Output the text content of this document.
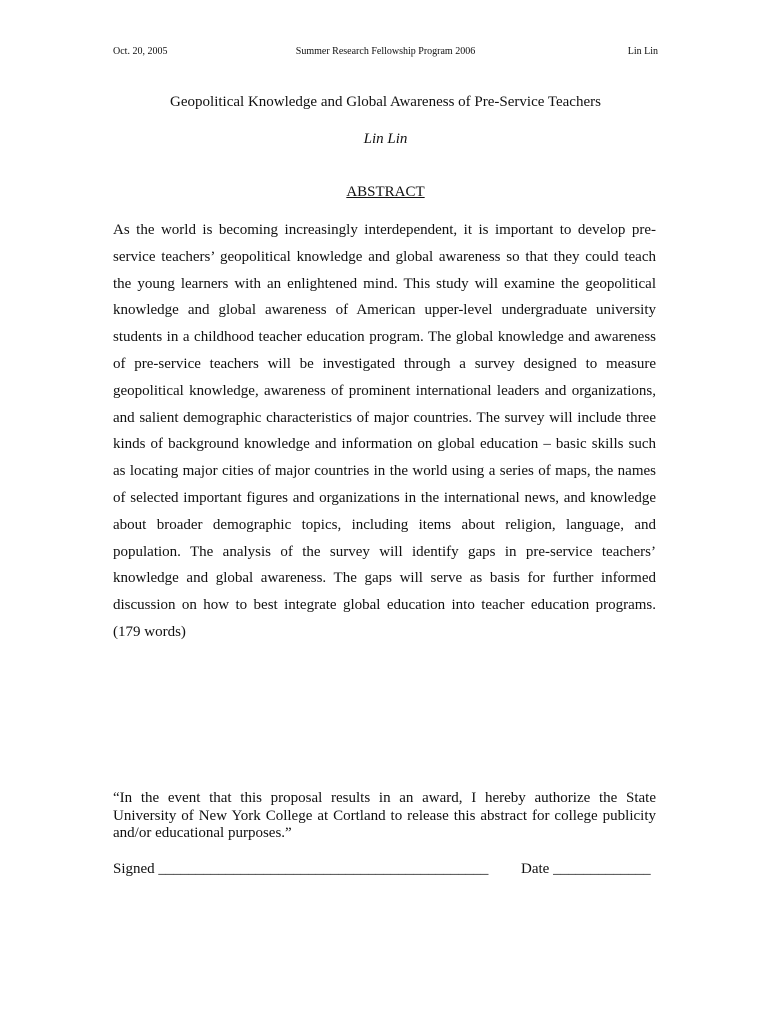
Oct. 20, 2005	Summer Research Fellowship Program 2006	Lin Lin
Geopolitical Knowledge and Global Awareness of Pre-Service Teachers
Lin Lin
ABSTRACT
As the world is becoming increasingly interdependent, it is important to develop pre-
service teachers’ geopolitical knowledge and global awareness so that they could teach
the young learners with an enlightened mind. This study will examine the geopolitical
knowledge and global awareness of American upper-level undergraduate university
students in a childhood teacher education program. The global knowledge and awareness
of pre-service teachers will be investigated through a survey designed to measure
geopolitical knowledge, awareness of prominent international leaders and organizations,
and salient demographic characteristics of major countries. The survey will include three
kinds of background knowledge and information on global education – basic skills such
as locating major cities of major countries in the world using a series of maps, the names
of selected important figures and organizations in the international news, and knowledge
about broader demographic topics, including items about religion, language, and
population. The analysis of the survey will identify gaps in pre-service teachers’
knowledge and global awareness. The gaps will serve as basis for further informed
discussion on how to best integrate global education into teacher education programs.
(179 words)
“In the event that this proposal results in an award, I hereby authorize the State
University of New York College at Cortland to release this abstract for college publicity
and/or educational purposes.”
Signed ____________________________________________ Date _____________
